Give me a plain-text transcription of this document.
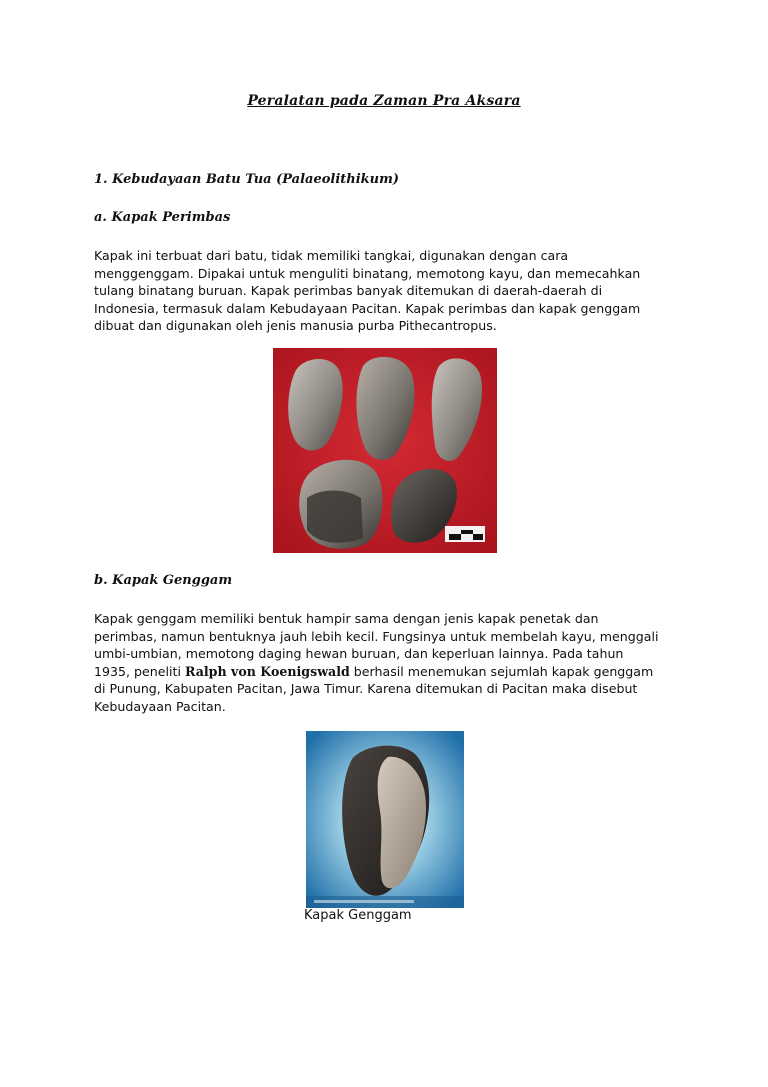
Peralatan pada Zaman Pra Aksara
1. Kebudayaan Batu Tua (Palaeolithikum)
a. Kapak Perimbas
Kapak ini terbuat dari batu, tidak memiliki tangkai, digunakan dengan cara
menggenggam. Dipakai untuk menguliti binatang, memotong kayu, dan memecahkan
tulang binatang buruan. Kapak perimbas banyak ditemukan di daerah-daerah di
Indonesia, termasuk dalam Kebudayaan Pacitan. Kapak perimbas dan kapak genggam
dibuat dan digunakan oleh jenis manusia purba Pithecantropus.
b. Kapak Genggam
Kapak genggam memiliki bentuk hampir sama dengan jenis kapak penetak dan
perimbas, namun bentuknya jauh lebih kecil. Fungsinya untuk membelah kayu, menggali
umbi-umbian, memotong daging hewan buruan, dan keperluan lainnya. Pada tahun
1935, peneliti Ralph von Koenigswald berhasil menemukan sejumlah kapak genggam
di Punung, Kabupaten Pacitan, Jawa Timur. Karena ditemukan di Pacitan maka disebut
Kebudayaan Pacitan.
Kapak Genggam
